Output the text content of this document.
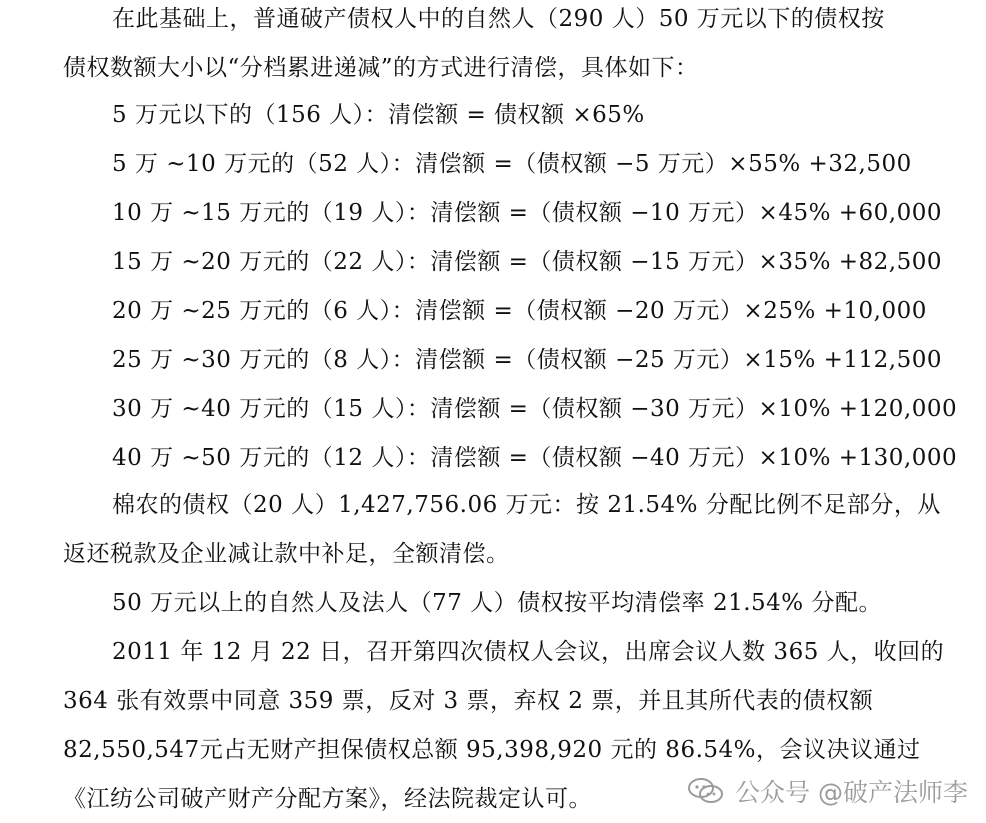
在此基础上，普通破产债权人中的自然人（290 人）50 万元以下的债权按
债权数额大小以“分档累进递减”的方式进行清偿，具体如下：
5 万元以下的（156 人）：清偿额 = 债权额 ×65%
5 万 ~10 万元的（52 人）：清偿额 =（债权额 −5 万元）×55% +32,500
10 万 ~15 万元的（19 人）：清偿额 =（债权额 −10 万元）×45% +60,000
15 万 ~20 万元的（22 人）：清偿额 =（债权额 −15 万元）×35% +82,500
20 万 ~25 万元的（6 人）：清偿额 =（债权额 −20 万元）×25% +10,000
25 万 ~30 万元的（8 人）：清偿额 =（债权额 −25 万元）×15% +112,500
30 万 ~40 万元的（15 人）：清偿额 =（债权额 −30 万元）×10% +120,000
40 万 ~50 万元的（12 人）：清偿额 =（债权额 −40 万元）×10% +130,000
棉农的债权（20 人）1,427,756.06 万元：按 21.54% 分配比例不足部分，从
返还税款及企业减让款中补足，全额清偿。
50 万元以上的自然人及法人（77 人）债权按平均清偿率 21.54% 分配。
2011 年 12 月 22 日，召开第四次债权人会议，出席会议人数 365 人，收回的
364 张有效票中同意 359 票，反对 3 票，弃权 2 票，并且其所代表的债权额
82,550,547元占无财产担保债权总额 95,398,920 元的 86.54%，会议决议通过
《江纺公司破产财产分配方案》，经法院裁定认可。	公众号 @破产法师李
